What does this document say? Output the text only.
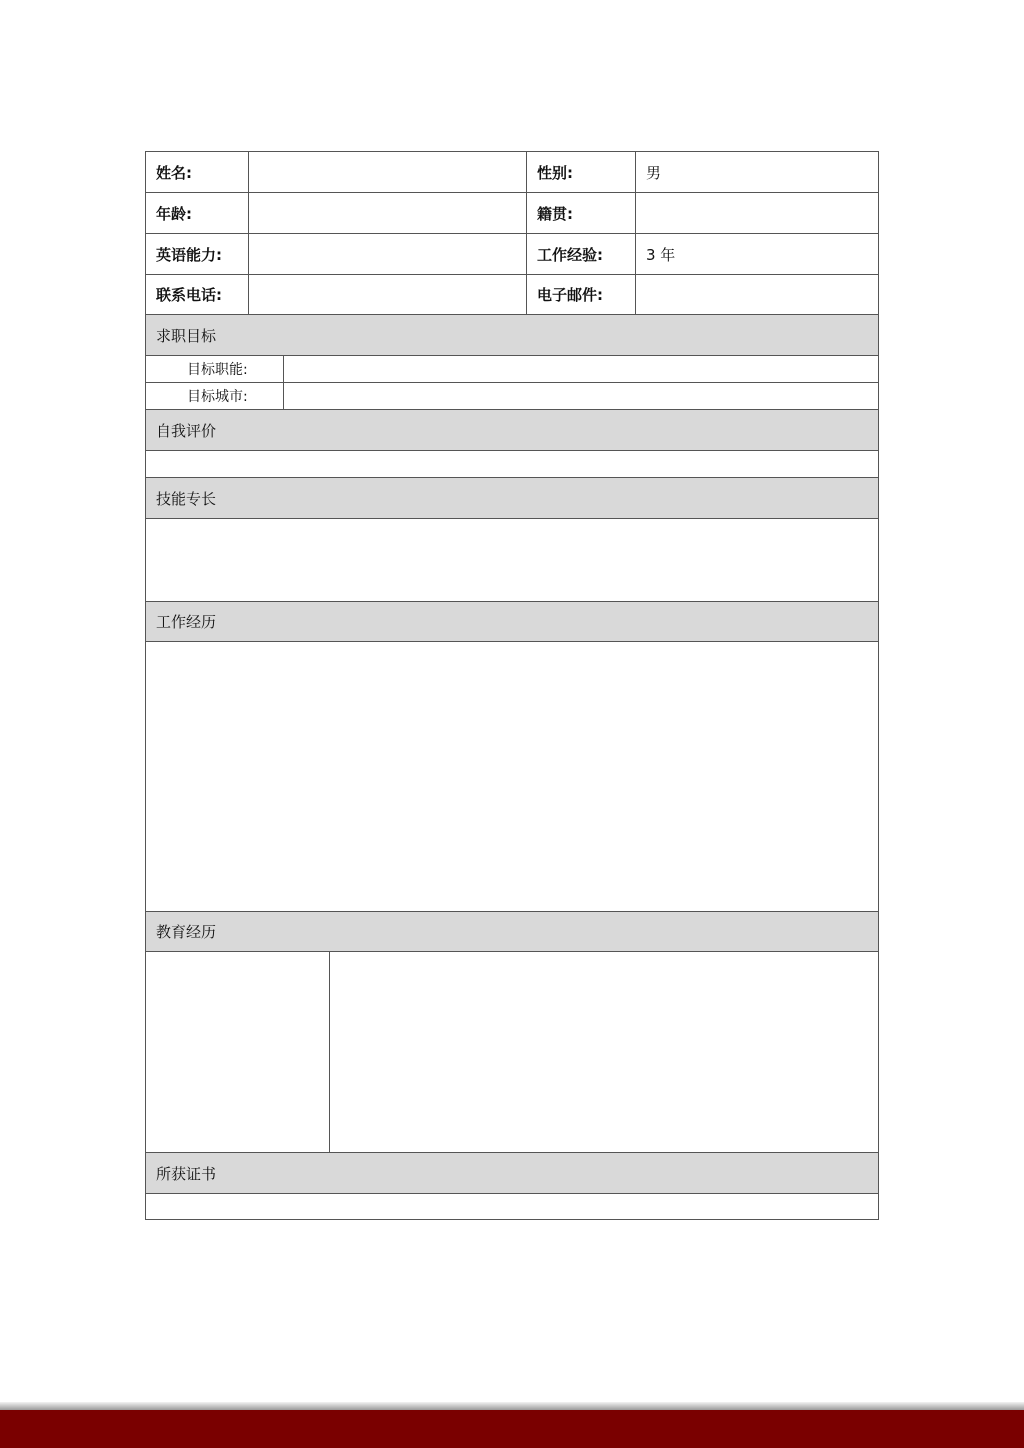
姓名:	性别:	男
年龄:	籍贯:
英语能力:	工作经验:	3 年
联系电话:	电子邮件:
求职目标
目标职能:
目标城市:
自我评价
技能专长
工作经历
教育经历
所获证书
